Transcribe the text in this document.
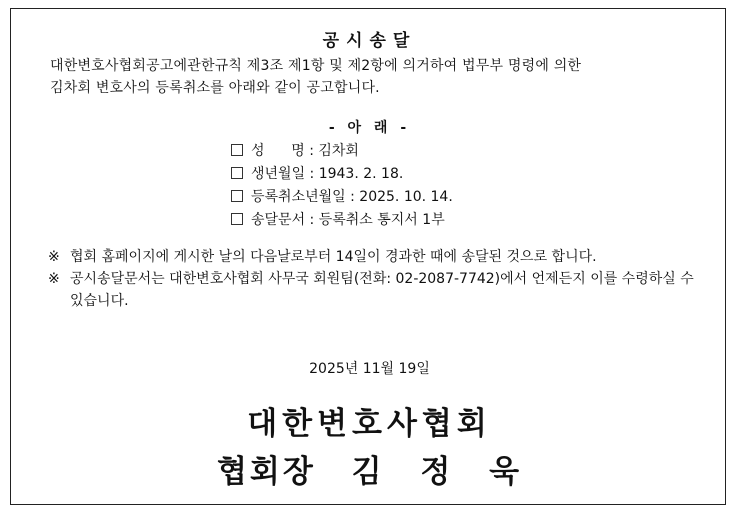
공시송달
대한변호사협회공고에관한규칙 제3조 제1항 및 제2항에 의거하여 법무부 명령에 의한
김차회 변호사의 등록취소를 아래와 같이 공고합니다.
- 아 래 -
성      명 : 김차회
생년월일 : 1943. 2. 18.
등록취소년월일 : 2025. 10. 14.
송달문서 : 등록취소 통지서 1부
※ 협회 홈페이지에 게시한 날의 다음날로부터 14일이 경과한 때에 송달된 것으로 합니다.
※ 공시송달문서는 대한변호사협회 사무국 회원팀(전화: 02-2087-7742)에서 언제든지 이를 수령하실 수 있습니다.
2025년 11월 19일
대한변호사협회
협회장 김 정 욱
